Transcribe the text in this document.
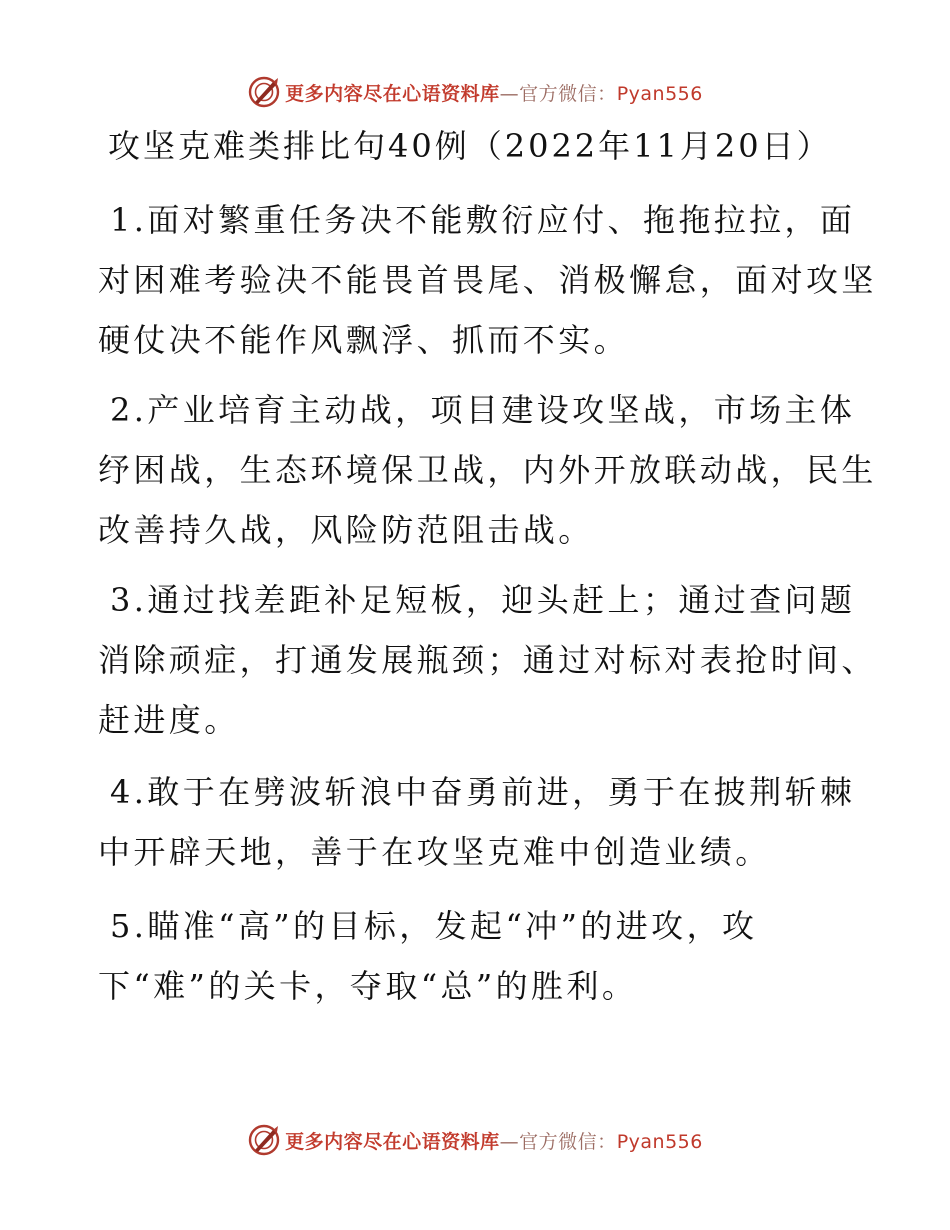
更多内容尽在心语资料库—官方微信：Pyan556
攻坚克难类排比句40例（2022年11月20日）

1.面对繁重任务决不能敷衍应付、拖拖拉拉，面
对困难考验决不能畏首畏尾、消极懈怠，面对攻坚
硬仗决不能作风飘浮、抓而不实。

2.产业培育主动战，项目建设攻坚战，市场主体
纾困战，生态环境保卫战，内外开放联动战，民生
改善持久战，风险防范阻击战。

3.通过找差距补足短板，迎头赶上；通过查问题
消除顽症，打通发展瓶颈；通过对标对表抢时间、
赶进度。

4.敢于在劈波斩浪中奋勇前进，勇于在披荆斩棘
中开辟天地，善于在攻坚克难中创造业绩。

5.瞄准“高”的目标，发起“冲”的进攻，攻
下“难”的关卡，夺取“总”的胜利。

更多内容尽在心语资料库—官方微信：Pyan556
